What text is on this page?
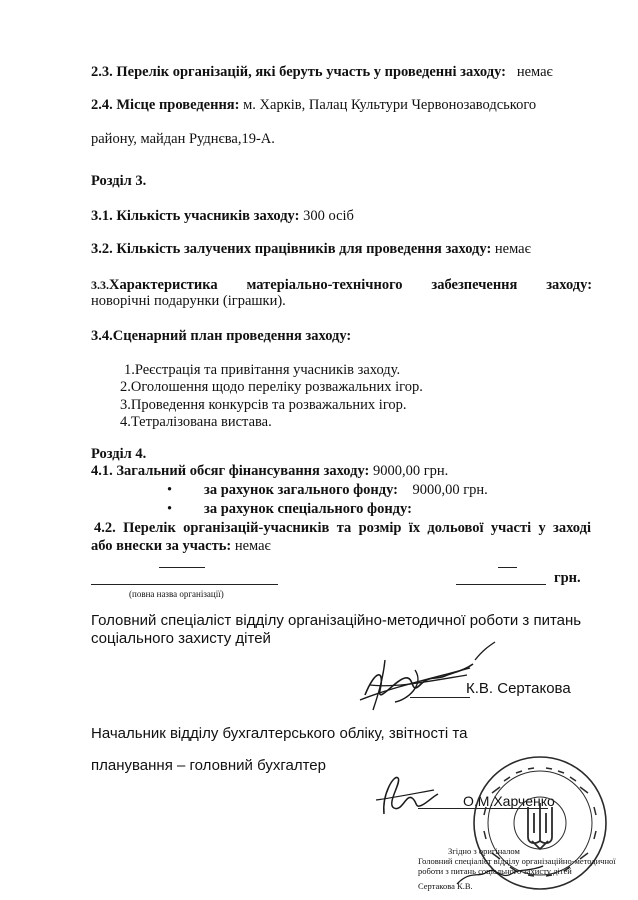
2.3. Перелік організацій, які беруть участь у проведенні заходу: немає
2.4. Місце проведення: м. Харків, Палац Культури Червонозаводського
району, майдан Руднєва,19-А.
Розділ 3.
3.1. Кількість учасників заходу: 300 осіб
3.2. Кількість залучених працівників для проведення заходу: немає
3.3.Характеристика матеріально-технічного забезпечення заходу:
новорічні подарунки (іграшки).
3.4.Сценарний план проведення заходу:
1.Реєстрація та привітання учасників заходу.
2.Оголошення щодо переліку розважальних ігор.
3.Проведення конкурсів та розважальних ігор.
4.Тетралізована вистава.
Розділ 4.
4.1. Загальний обсяг фінансування заходу: 9000,00 грн.
• за рахунок загального фонду: 9000,00 грн.
• за рахунок спеціального фонду:
4.2. Перелік організацій-учасників та розмір їх дольової участі у заході
або внески за участь: немає
(повна назва організації)
грн.
Головний спеціаліст відділу організаційно-методичної роботи з питань
соціального захисту дітей
К.В. Сертакова
Начальник відділу бухгалтерського обліку, звітності та
планування – головний бухгалтер
О.М.Харченко
Згідно з оригіналом
Головний спеціаліст відділу організаційно-методичної
роботи з питань соціального захисту дітей
Сертакова К.В.
